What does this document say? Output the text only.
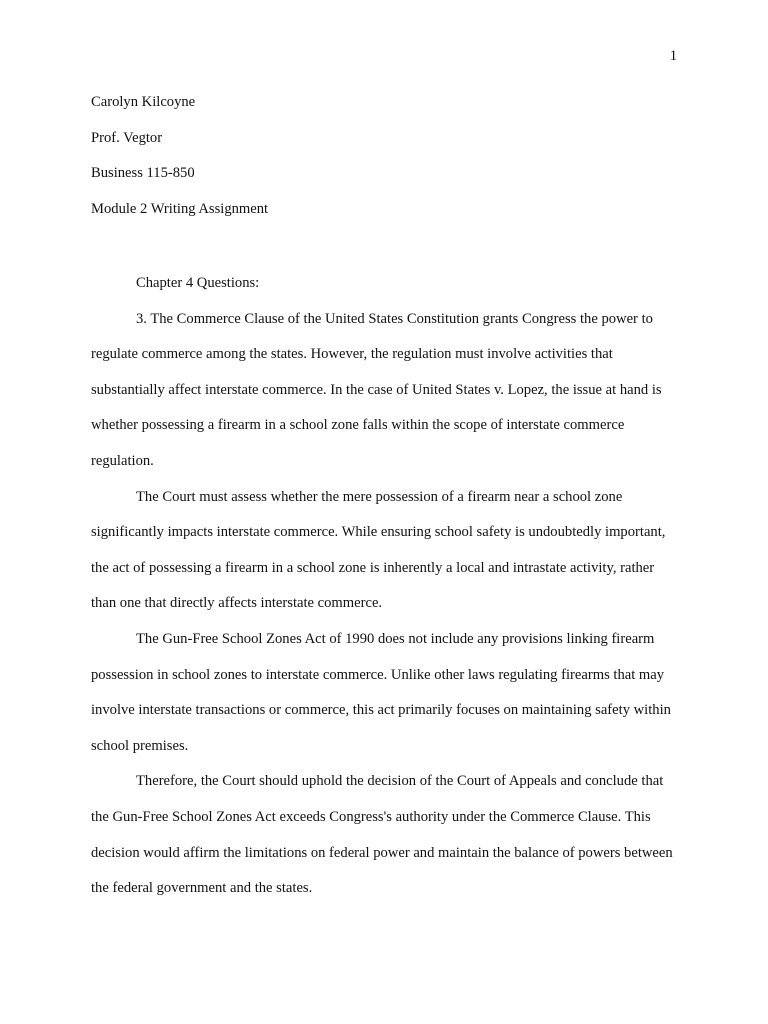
1
Carolyn Kilcoyne
Prof. Vegtor
Business 115-850
Module 2 Writing Assignment

Chapter 4 Questions:

3. The Commerce Clause of the United States Constitution grants Congress the power to regulate commerce among the states. However, the regulation must involve activities that substantially affect interstate commerce. In the case of United States v. Lopez, the issue at hand is whether possessing a firearm in a school zone falls within the scope of interstate commerce regulation.

The Court must assess whether the mere possession of a firearm near a school zone significantly impacts interstate commerce. While ensuring school safety is undoubtedly important, the act of possessing a firearm in a school zone is inherently a local and intrastate activity, rather than one that directly affects interstate commerce.

The Gun-Free School Zones Act of 1990 does not include any provisions linking firearm possession in school zones to interstate commerce. Unlike other laws regulating firearms that may involve interstate transactions or commerce, this act primarily focuses on maintaining safety within school premises.

Therefore, the Court should uphold the decision of the Court of Appeals and conclude that the Gun-Free School Zones Act exceeds Congress's authority under the Commerce Clause. This decision would affirm the limitations on federal power and maintain the balance of powers between the federal government and the states.
